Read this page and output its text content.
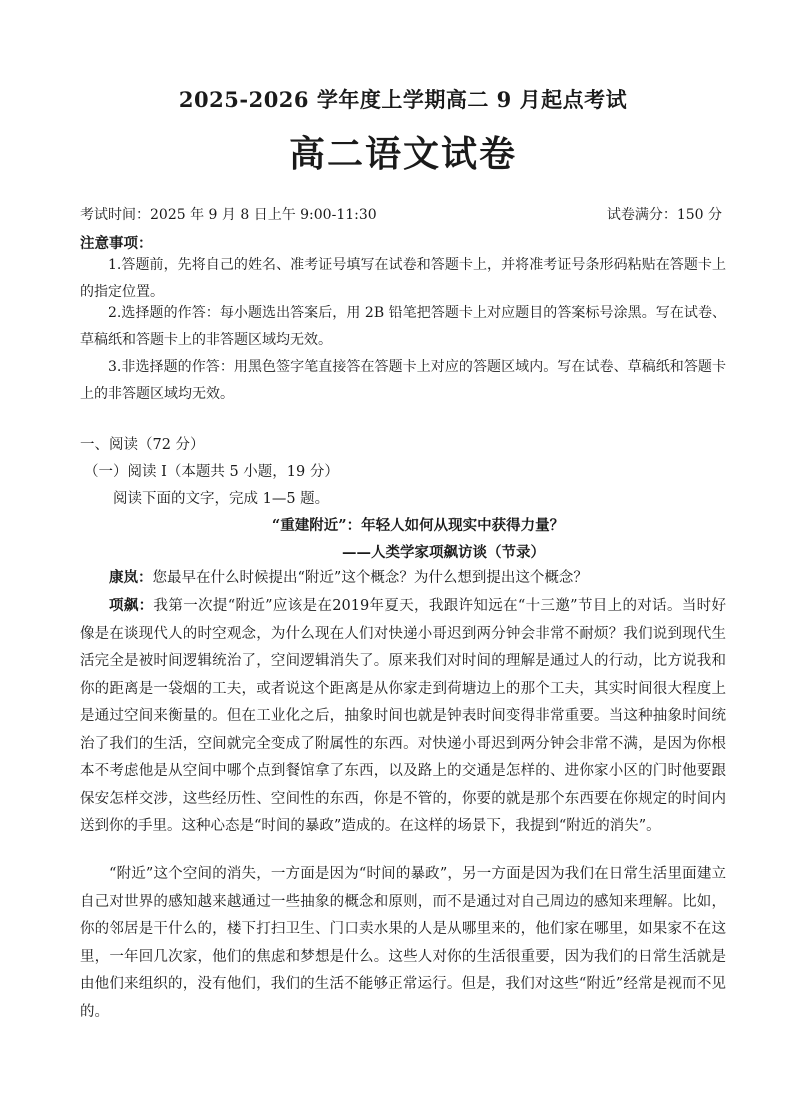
2025-2026 学年度上学期高二 9 月起点考试
高二语文试卷
考试时间：2025 年 9 月 8 日上午 9:00-11:30	试卷满分：150 分
注意事项：
1.答题前，先将自己的姓名、准考证号填写在试卷和答题卡上，并将准考证号条形码粘贴在答题卡上的指定位置。
2.选择题的作答：每小题选出答案后，用 2B 铅笔把答题卡上对应题目的答案标号涂黑。写在试卷、草稿纸和答题卡上的非答题区域均无效。
3.非选择题的作答：用黑色签字笔直接答在答题卡上对应的答题区域内。写在试卷、草稿纸和答题卡上的非答题区域均无效。
一、阅读（72 分）
（一）阅读 Ⅰ（本题共 5 小题，19 分）
阅读下面的文字，完成 1—5 题。
“重建附近”：年轻人如何从现实中获得力量？
——人类学家项飙访谈（节录）
康岚：您最早在什么时候提出“附近”这个概念？为什么想到提出这个概念？
项飙：我第一次提“附近”应该是在2019年夏天，我跟许知远在“十三邀”节目上的对话。当时好像是在谈现代人的时空观念，为什么现在人们对快递小哥迟到两分钟会非常不耐烦？我们说到现代生活完全是被时间逻辑统治了，空间逻辑消失了。原来我们对时间的理解是通过人的行动，比方说我和你的距离是一袋烟的工夫，或者说这个距离是从你家走到荷塘边上的那个工夫，其实时间很大程度上是通过空间来衡量的。但在工业化之后，抽象时间也就是钟表时间变得非常重要。当这种抽象时间统治了我们的生活，空间就完全变成了附属性的东西。对快递小哥迟到两分钟会非常不满，是因为你根本不考虑他是从空间中哪个点到餐馆拿了东西，以及路上的交通是怎样的、进你家小区的门时他要跟保安怎样交涉，这些经历性、空间性的东西，你是不管的，你要的就是那个东西要在你规定的时间内送到你的手里。这种心态是“时间的暴政”造成的。在这样的场景下，我提到“附近的消失”。
“附近”这个空间的消失，一方面是因为“时间的暴政”，另一方面是因为我们在日常生活里面建立自己对世界的感知越来越通过一些抽象的概念和原则，而不是通过对自己周边的感知来理解。比如，你的邻居是干什么的，楼下打扫卫生、门口卖水果的人是从哪里来的，他们家在哪里，如果家不在这里，一年回几次家，他们的焦虑和梦想是什么。这些人对你的生活很重要，因为我们的日常生活就是由他们来组织的，没有他们，我们的生活不能够正常运行。但是，我们对这些“附近”经常是视而不见的。
